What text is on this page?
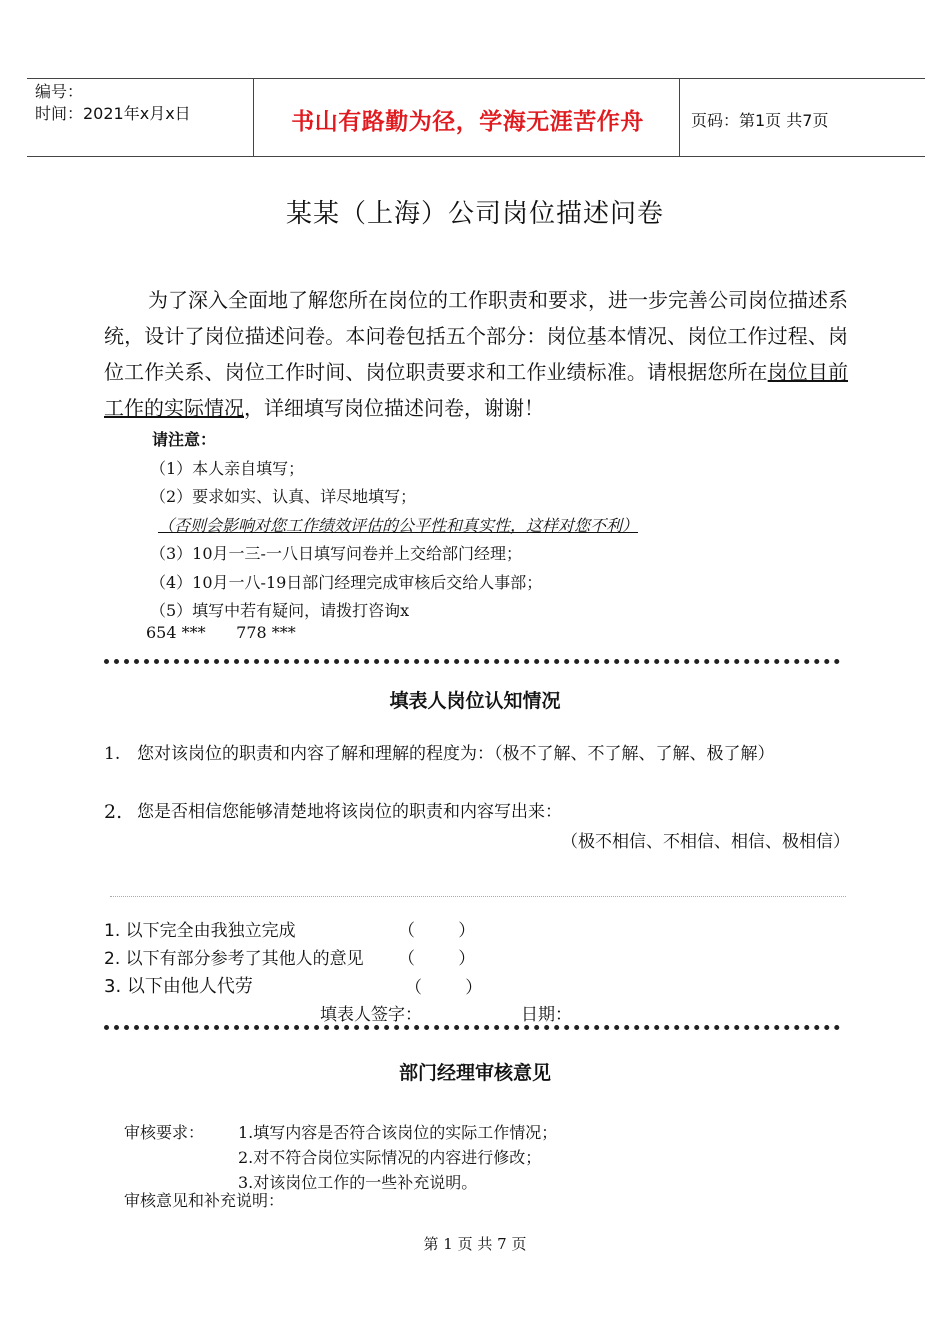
编号：
时间：2021年x月x日	书山有路勤为径，学海无涯苦作舟	页码：第1页 共7页
某某（上海）公司岗位描述问卷
为了深入全面地了解您所在岗位的工作职责和要求，进一步完善公司岗位描述系统，设计了岗位描述问卷。本问卷包括五个部分：岗位基本情况、岗位工作过程、岗位工作关系、岗位工作时间、岗位职责要求和工作业绩标准。请根据您所在岗位目前工作的实际情况，详细填写岗位描述问卷，谢谢！
请注意：
（1）本人亲自填写；
（2）要求如实、认真、详尽地填写；
（否则会影响对您工作绩效评估的公平性和真实性，这样对您不利）
（3）10月一三-一八日填写问卷并上交给部门经理；
（4）10月一八-19日部门经理完成审核后交给人事部；
（5）填写中若有疑问，请拨打咨询x
654 ***      778 ***
填表人岗位认知情况
1. 您对该岗位的职责和内容了解和理解的程度为：（极不了解、不了解、了解、极了解）
2. 您是否相信您能够清楚地将该岗位的职责和内容写出来：
（极不相信、不相信、相信、极相信）
1. 以下完全由我独立完成	（        ）
2. 以下有部分参考了其他人的意见 （        ）
3. 以下由他人代劳	（        ）
填表人签字：	日期：
部门经理审核意见
审核要求： 1.填写内容是否符合该岗位的实际工作情况；
2.对不符合岗位实际情况的内容进行修改；
3.对该岗位工作的一些补充说明。
审核意见和补充说明：
第 1 页 共 7 页
